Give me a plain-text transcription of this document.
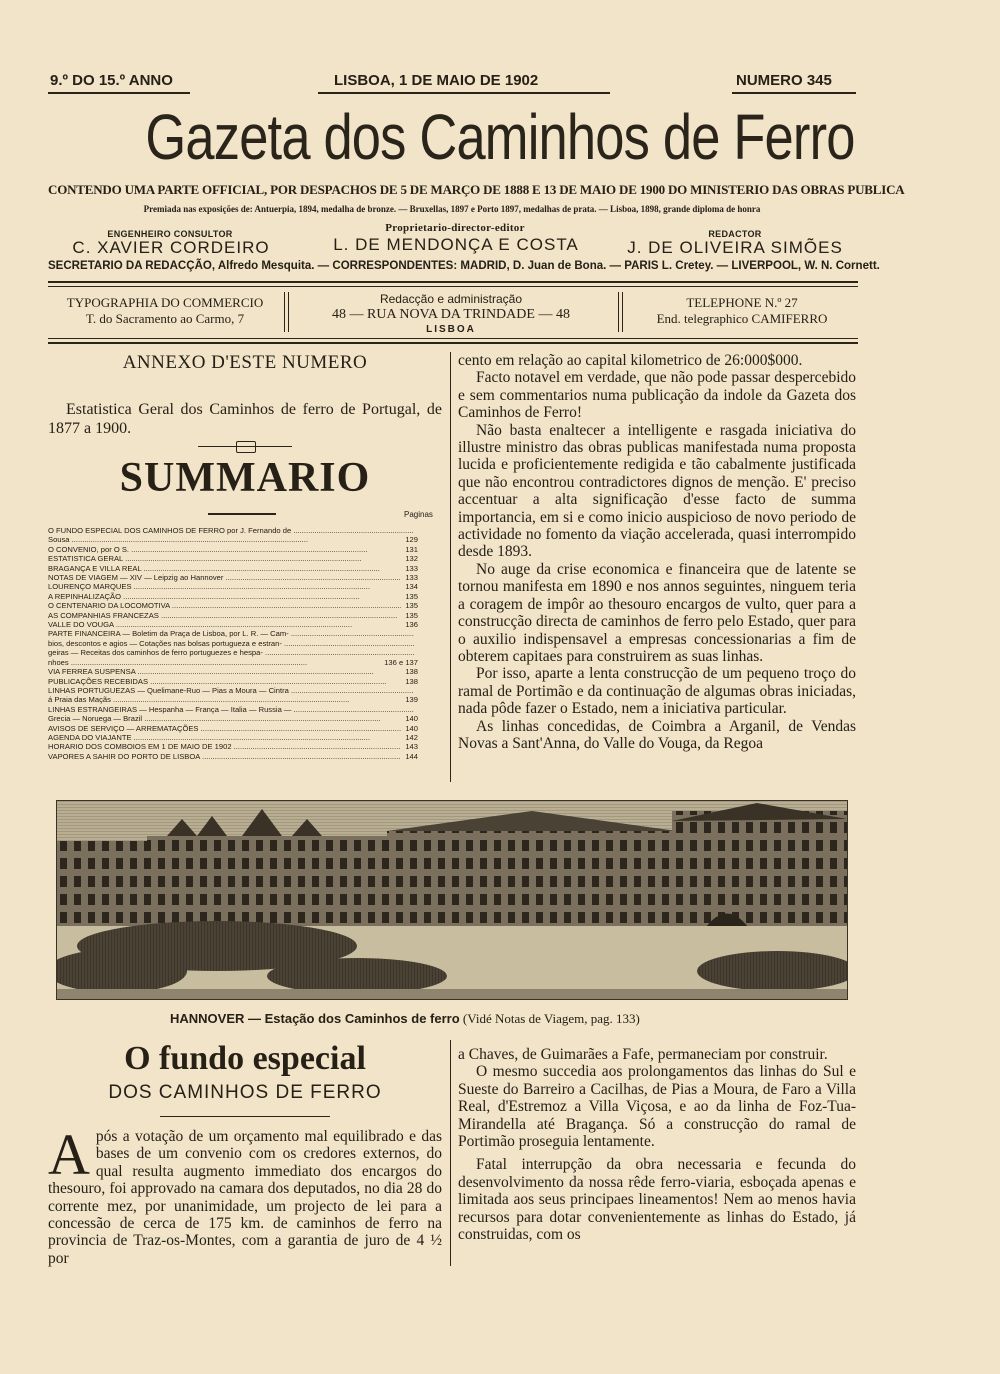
9.º DO 15.º ANNO	LISBOA, 1 DE MAIO DE 1902	NUMERO 345
Gazeta dos Caminhos de Ferro
CONTENDO UMA PARTE OFFICIAL, POR DESPACHOS DE 5 DE MARÇO DE 1888 E 13 DE MAIO DE 1900 DO MINISTERIO DAS OBRAS PUBLICA
Premiada nas exposições de: Antuerpia, 1894, medalha de bronze. — Bruxellas, 1897 e Porto 1897, medalhas de prata. — Lisboa, 1898, grande diploma de honra
ENGENHEIRO CONSULTOR
C. XAVIER CORDEIRO
Proprietario-director-editor
L. DE MENDONÇA E COSTA
REDACTOR
J. DE OLIVEIRA SIMÕES
SECRETARIO DA REDACÇÃO, Alfredo Mesquita. — CORRESPONDENTES: MADRID, D. Juan de Bona. — PARIS L. Cretey. — LIVERPOOL, W. N. Cornett.
TYPOGRAPHIA DO COMMERCIO
T. do Sacramento ao Carmo, 7
Redacção e administração
48 — RUA NOVA DA TRINDADE — 48
LISBOA
TELEPHONE N.º 27
End. telegraphico CAMIFERRO
ANNEXO D'ESTE NUMERO

Estatistica Geral dos Caminhos de ferro de Portugal, de 1877 a 1900.

SUMMARIO
Paginas
O FUNDO ESPECIAL DOS CAMINHOS DE FERRO por J. Fernando de .....
Sousa .....	129
O CONVENIO, por O S. .....	131
ESTATISTICA GERAL .....	132
BRAGANÇA E VILLA REAL .....	133
NOTAS DE VIAGEM — XIV — Leipzig ao Hannover .....	133
LOURENÇO MARQUES .....	134
A REPINHALIZAÇÃO .....	135
O CENTENARIO DA LOCOMOTIVA .....	135
AS COMPANHIAS FRANCEZAS .....	135
VALLE DO VOUGA .....	136
PARTE FINANCEIRA — Boletim da Praça de Lisboa, por L. R. — Cam- .....
bios, descontos e agios — Cotações nas bolsas portugueza e estran- .....
geiras — Receitas dos caminhos de ferro portuguezes e hespa- .....
nhoes .....	136 e 137
VIA FERREA SUSPENSA .....	138
PUBLICAÇÕES RECEBIDAS .....	138
LINHAS PORTUGUEZAS — Quelimane-Ruo — Pias a Moura — Cintra .....
á Praia das Maçãs .....	139
LINHAS ESTRANGEIRAS — Hespanha — França — Italia — Russia — .....
Grecia — Noruega — Brazil .....	140
AVISOS DE SERVIÇO — ARREMATAÇÕES .....	140
AGENDA DO VIAJANTE .....	142
HORARIO DOS COMBOIOS EM 1 DE MAIO DE 1902 .....	143
VAPORES A SAHIR DO PORTO DE LISBOA .....	144

cento em relação ao capital kilometrico de 26:000$000.

Facto notavel em verdade, que não pode passar despercebido e sem commentarios numa publicação da indole da Gazeta dos Caminhos de Ferro!

Não basta enaltecer a intelligente e rasgada iniciativa do illustre ministro das obras publicas manifestada numa proposta lucida e proficientemente redigida e tão cabalmente justificada que não encontrou contradictores dignos de menção. E' preciso accentuar a alta significação d'esse facto de summa importancia, em si e como inicio auspicioso de novo periodo de actividade no fomento da viação accelerada, quasi interrompido desde 1893.

No auge da crise economica e financeira que de latente se tornou manifesta em 1890 e nos annos seguintes, ninguem teria a coragem de impôr ao thesouro encargos de vulto, quer para a construcção directa de caminhos de ferro pelo Estado, quer para o auxilio indispensavel a empresas concessionarias a fim de obterem capitaes para construirem as suas linhas.

Por isso, aparte a lenta construcção de um pequeno troço do ramal de Portimão e da continuação de algumas obras iniciadas, nada pôde fazer o Estado, nem a iniciativa particular.

As linhas concedidas, de Coimbra a Arganil, de Vendas Novas a Sant'Anna, do Valle do Vouga, da Regoa

HANNOVER — Estação dos Caminhos de ferro (Vidé Notas de Viagem, pag. 133)
O fundo especial
DOS CAMINHOS DE FERRO
A pós a votação de um orçamento mal equilibrado e das bases de um convenio com os credores externos, do qual resulta augmento immediato dos encargos do thesouro, foi approvado na camara dos deputados, no dia 28 do corrente mez, por unanimidade, um projecto de lei para a concessão de cerca de 175 km. de caminhos de ferro na provincia de Traz-os-Montes, com a garantia de juro de 4 ½ por

a Chaves, de Guimarães a Fafe, permaneciam por construir.

O mesmo succedia aos prolongamentos das linhas do Sul e Sueste do Barreiro a Cacilhas, de Pias a Moura, de Faro a Villa Real, d'Estremoz a Villa Viçosa, e ao da linha de Foz-Tua-Mirandella até Bragança. Só a construcção do ramal de Portimão proseguia lentamente.

Fatal interrupção da obra necessaria e fecunda do desenvolvimento da nossa rêde ferro-viaria, esboçada apenas e limitada aos seus principaes lineamentos! Nem ao menos havia recursos para dotar convenientemente as linhas do Estado, já construidas, com os
